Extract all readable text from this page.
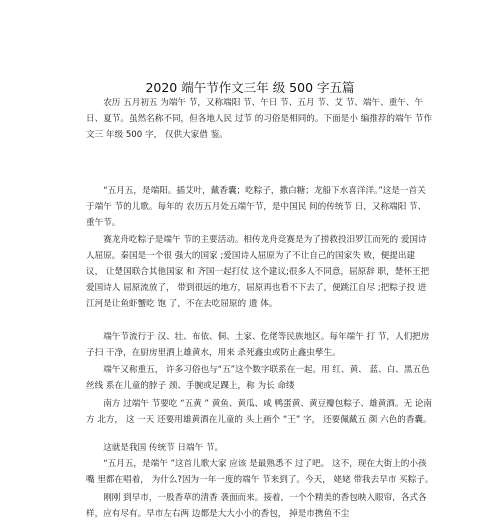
2020 端午节作文三年 级 500 字五篇

农历 五月初五 为端午 节，又称端阳 节、午日 节、五月 节、艾 节、端午、重午、午日、夏节。虽然名称不同，但各地人民 过节 的习俗是相同的。下面是小 编推荐的端午 节作文三 年级 500 字， 仅供大家借 鉴。

“五月五，是端阳。插艾叶，戴香囊；吃粽子，撒白糖；龙船下水喜洋洋。”这是一首关于端午 节的儿歌。每年的 农历五月处五端午节，是中国民 间的传统节 日，又称端阳 节、重午节。

赛龙舟吃粽子是端午 节的主要活动。相传龙舟竞赛是为了捞救投汨罗江而死的 爱国诗 人屈原。秦国是一个很 强大的国家 ;爱国诗人屈原为了不让自己的国家失 败，便提出建 议， 让楚国联合其他国家 和 齐国一起打仗 这个建议;很多人不同意，屈原辞 职，楚怀王把 爱国诗人 屈原流放了， 带到很远的地方，屈原再也看不下去了，便跳江自尽 ;把粽子投 进江河是让鱼虾蟹吃 饱 了，不在去吃屈原的 遗 体。

端午节流行于 汉、壮、布依、侗、土家、仡佬等民族地区。每年端午 打 节，人们把房子扫 干净，在厨房里洒上雄黄水，用来 杀死鑫虫或防止鑫虫孳生。

端午又称重五， 许多习俗也与“五”这个数字联系在一起。用 红、黄、 蓝、白、黑五色 丝线 系在儿童的脖子 颈、手腕或足踝上，称 为长 命缕

南方 过端午 节要吃 “五黄 ” 黄鱼、黄瓜、咸 鸭蛋黄、黄豆瓣包粽子、雄黄酒。无 论南方 北方， 这 一天 还要用雄黄酒在儿童的 头上画个 “王” 字， 还要佩戴五 颜 六色的香囊。

这就是我国 传统节 日端午 节。

“五月五，是端午 ”这首儿歌大家 应该 是最熟悉不 过了吧。 这不，现在大街上的小孩嘴 里都在唱着， 为什么?因为一年一度的端午 节来到了。今天， 姥姥 带我去早市 买粽子。

刚刚 到早市，一股香草的清香 袭面而来。接着，一个个精美的香包映入眼帘，各式各 样，应有尽有。早市左右两 边都是大大小小的香包， 掉是市携鱼不尘
